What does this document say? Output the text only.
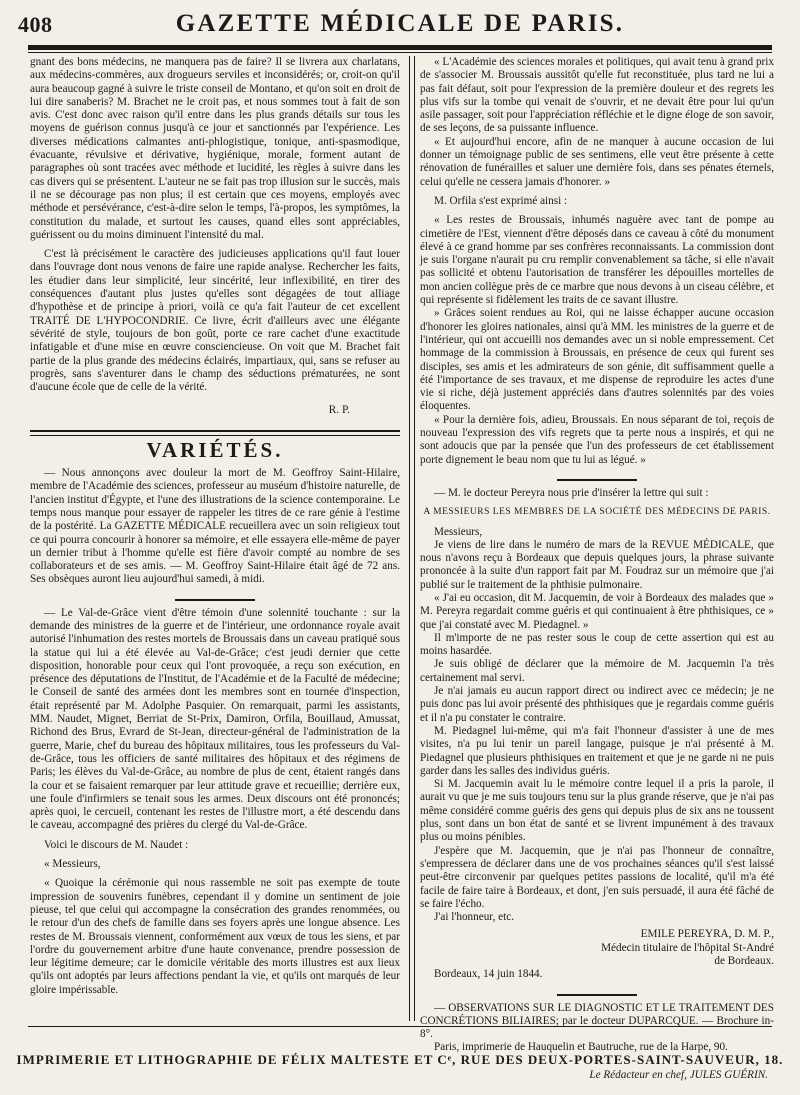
408	GAZETTE MÉDICALE DE PARIS.

gnant des bons médecins, ne manquera pas de faire? Il se livrera aux charlatans, aux médecins-commères, aux drogueurs serviles et inconsidérés; or, croit-on qu'il aura beaucoup gagné à suivre le triste conseil de Montano, et qu'on soit en droit de lui dire sanaberis? M. Brachet ne le croit pas, et nous sommes tout à fait de son avis. C'est donc avec raison qu'il entre dans les plus grands détails sur tous les moyens de guérison connus jusqu'à ce jour et sanctionnés par l'expérience. Les diverses médications calmantes anti-phlogistique, tonique, anti-spasmodique, évacuante, révulsive et dérivative, hygiénique, morale, forment autant de paragraphes où sont tracées avec méthode et lucidité, les règles à suivre dans les cas divers qui se présentent. L'auteur ne se fait pas trop illusion sur le succès, mais il ne se décourage pas non plus; il est certain que ces moyens, employés avec méthode et persévérance, c'est-à-dire selon le temps, l'à-propos, les symptômes, la constitution du malade, et surtout les causes, quand elles sont appréciables, guérissent ou du moins diminuent l'intensité du mal.

C'est là précisément le caractère des judicieuses applications qu'il faut louer dans l'ouvrage dont nous venons de faire une rapide analyse. Rechercher les faits, les étudier dans leur simplicité, leur sincérité, leur inflexibilité, en tirer des conséquences d'autant plus justes qu'elles sont dégagées de tout alliage d'hypothèse et de principe à priori, voilà ce qu'a fait l'auteur de cet excellent TRAITÉ DE L'HYPOCONDRIE. Ce livre, écrit d'ailleurs avec une élégante sévérité de style, toujours de bon goût, porte ce rare cachet d'une exactitude infatigable et d'une mise en œuvre consciencieuse. On voit que M. Brachet fait partie de la plus grande des médecins éclairés, impartiaux, qui, sans se refuser au progrès, sans s'aventurer dans le champ des séductions prématurées, ne sont d'aucune école que de celle de la vérité.

R. P.
VARIÉTÉS.

— Nous annonçons avec douleur la mort de M. Geoffroy Saint-Hilaire, membre de l'Académie des sciences, professeur au muséum d'histoire naturelle, de l'ancien institut d'Égypte, et l'une des illustrations de la science contemporaine. Le temps nous manque pour essayer de rappeler les titres de ce rare génie à l'estime de la postérité. La GAZETTE MÉDICALE recueillera avec un soin religieux tout ce qui pourra concourir à honorer sa mémoire, et elle essayera elle-même de payer un dernier tribut à l'homme qu'elle est fière d'avoir compté au nombre de ses collaborateurs et de ses amis. — M. Geoffroy Saint-Hilaire était âgé de 72 ans. Ses obsèques auront lieu aujourd'hui samedi, à midi.

— Le Val-de-Grâce vient d'être témoin d'une solennité touchante : sur la demande des ministres de la guerre et de l'intérieur, une ordonnance royale avait autorisé l'inhumation des restes mortels de Broussais dans un caveau pratiqué sous la statue qui lui a été élevée au Val-de-Grâce; c'est jeudi dernier que cette disposition, honorable pour ceux qui l'ont provoquée, a reçu son exécution, en présence des députations de l'Institut, de l'Académie et de la Faculté de médecine; le Conseil de santé des armées dont les membres sont en tournée d'inspection, était représenté par M. Adolphe Pasquier. On remarquait, parmi les assistants, MM. Naudet, Mignet, Berriat de St-Prix, Damiron, Orfila, Bouillaud, Amussat, Richond des Brus, Evrard de St-Jean, directeur-général de l'administration de la guerre, Marie, chef du bureau des hôpitaux militaires, tous les professeurs du Val-de-Grâce, tous les officiers de santé militaires des hôpitaux et des régimens de Paris; les élèves du Val-de-Grâce, au nombre de plus de cent, étaient rangés dans la cour et se faisaient remarquer par leur attitude grave et recueillie; derrière eux, une foule d'infirmiers se tenait sous les armes. Deux discours ont été prononcés; après quoi, le cercueil, contenant les restes de l'illustre mort, a été descendu dans le caveau, accompagné des prières du clergé du Val-de-Grâce.

Voici le discours de M. Naudet :

« Messieurs,

« Quoique la cérémonie qui nous rassemble ne soit pas exempte de toute impression de souvenirs funèbres, cependant il y domine un sentiment de joie pieuse, tel que celui qui accompagne la consécration des grandes renommées, ou le retour d'un des chefs de famille dans ses foyers après une longue absence. Les restes de M. Broussais viennent, conformément aux vœux de tous les siens, et par l'ordre du gouvernement arbitre d'une haute convenance, prendre possession de leur légitime demeure; car le domicile véritable des morts illustres est aux lieux qu'ils ont adoptés par leurs affections pendant la vie, et qu'ils ont marqués de leur gloire impérissable.

« L'Académie des sciences morales et politiques, qui avait tenu à grand prix de s'associer M. Broussais aussitôt qu'elle fut reconstituée, plus tard ne lui a pas fait défaut, soit pour l'expression de la première douleur et des regrets les plus vifs sur la tombe qui venait de s'ouvrir, et ne devait être pour lui qu'un asile passager, soit pour l'appréciation réfléchie et le digne éloge de son savoir, de ses leçons, de sa puissante influence.

« Et aujourd'hui encore, afin de ne manquer à aucune occasion de lui donner un témoignage public de ses sentimens, elle veut être présente à cette rénovation de funérailles et saluer une dernière fois, dans ses pénates éternels, celui qu'elle ne cessera jamais d'honorer. »

M. Orfila s'est exprimé ainsi :

« Les restes de Broussais, inhumés naguère avec tant de pompe au cimetière de l'Est, viennent d'être déposés dans ce caveau à côté du monument élevé à ce grand homme par ses confrères reconnaissants. La commission dont je suis l'organe n'aurait pu cru remplir convenablement sa tâche, si elle n'avait pas sollicité et obtenu l'autorisation de transférer les dépouilles mortelles de mon ancien collègue près de ce marbre que nous devons à un ciseau célèbre, et qui représente si fidèlement les traits de ce savant illustre.

» Grâces soient rendues au Roi, qui ne laisse échapper aucune occasion d'honorer les gloires nationales, ainsi qu'à MM. les ministres de la guerre et de l'intérieur, qui ont accueilli nos demandes avec un si noble empressement. Cet hommage de la commission à Broussais, en présence de ceux qui furent ses disciples, ses amis et les admirateurs de son génie, dit suffisamment quelle a été l'importance de ses travaux, et me dispense de reproduire les actes d'une vie si riche, déjà justement appréciés dans d'autres solennités par des voies éloquentes.

« Pour la dernière fois, adieu, Broussais. En nous séparant de toi, reçois de nouveau l'expression des vifs regrets que ta perte nous a inspirés, et qui ne sont adoucis que par la pensée que l'un des professeurs de cet établissement porte dignement le beau nom que tu lui as légué. »

— M. le docteur Pereyra nous prie d'insérer la lettre qui suit :

A MESSIEURS LES MEMBRES DE LA SOCIÉTÉ DES MÉDECINS DE PARIS.

Messieurs,

Je viens de lire dans le numéro de mars de la REVUE MÉDICALE, que nous n'avons reçu à Bordeaux que depuis quelques jours, la phrase suivante prononcée à la suite d'un rapport fait par M. Foudraz sur un mémoire que j'ai publié sur le traitement de la phthisie pulmonaire.

« J'ai eu occasion, dit M. Jacquemin, de voir à Bordeaux des malades que » M. Pereyra regardait comme guéris et qui continuaient à être phthisiques, ce » que j'ai constaté avec M. Piedagnel. »

Il m'importe de ne pas rester sous le coup de cette assertion qui est au moins hasardée.

Je suis obligé de déclarer que la mémoire de M. Jacquemin l'a très certainement mal servi.

Je n'ai jamais eu aucun rapport direct ou indirect avec ce médecin; je ne puis donc pas lui avoir présenté des phthisiques que je regardais comme guéris et il n'a pu constater le contraire.

M. Piedagnel lui-même, qui m'a fait l'honneur d'assister à une de mes visites, n'a pu lui tenir un pareil langage, puisque je n'ai présenté à M. Piedagnel que plusieurs phthisiques en traitement et que je ne garde ni ne puis garder dans les salles des individus guéris.

Si M. Jacquemin avait lu le mémoire contre lequel il a pris la parole, il aurait vu que je me suis toujours tenu sur la plus grande réserve, que je n'ai pas même considéré comme guéris des gens qui depuis plus de six ans ne toussent plus, sont dans un bon état de santé et se livrent impunément à des travaux plus ou moins pénibles.

J'espère que M. Jacquemin, que je n'ai pas l'honneur de connaître, s'empressera de déclarer dans une de vos prochaines séances qu'il s'est laissé peut-être circonvenir par quelques petites passions de localité, qu'il m'a été facile de faire taire à Bordeaux, et dont, j'en suis persuadé, il aura été fâché de se faire l'écho.

J'ai l'honneur, etc.

EMILE PEREYRA, D. M. P.,
Médecin titulaire de l'hôpital St-André
de Bordeaux.

Bordeaux, 14 juin 1844.

— OBSERVATIONS SUR LE DIAGNOSTIC ET LE TRAITEMENT DES CONCRÉTIONS BILIAIRES; par le docteur DUPARCQUE. — Brochure in-8°.

Paris, imprimerie de Hauquelin et Bautruche, rue de la Harpe, 90.

Le Rédacteur en chef, JULES GUÉRIN.
IMPRIMERIE ET LITHOGRAPHIE DE FÉLIX MALTESTE ET Cᵉ, RUE DES DEUX-PORTES-SAINT-SAUVEUR, 18.
